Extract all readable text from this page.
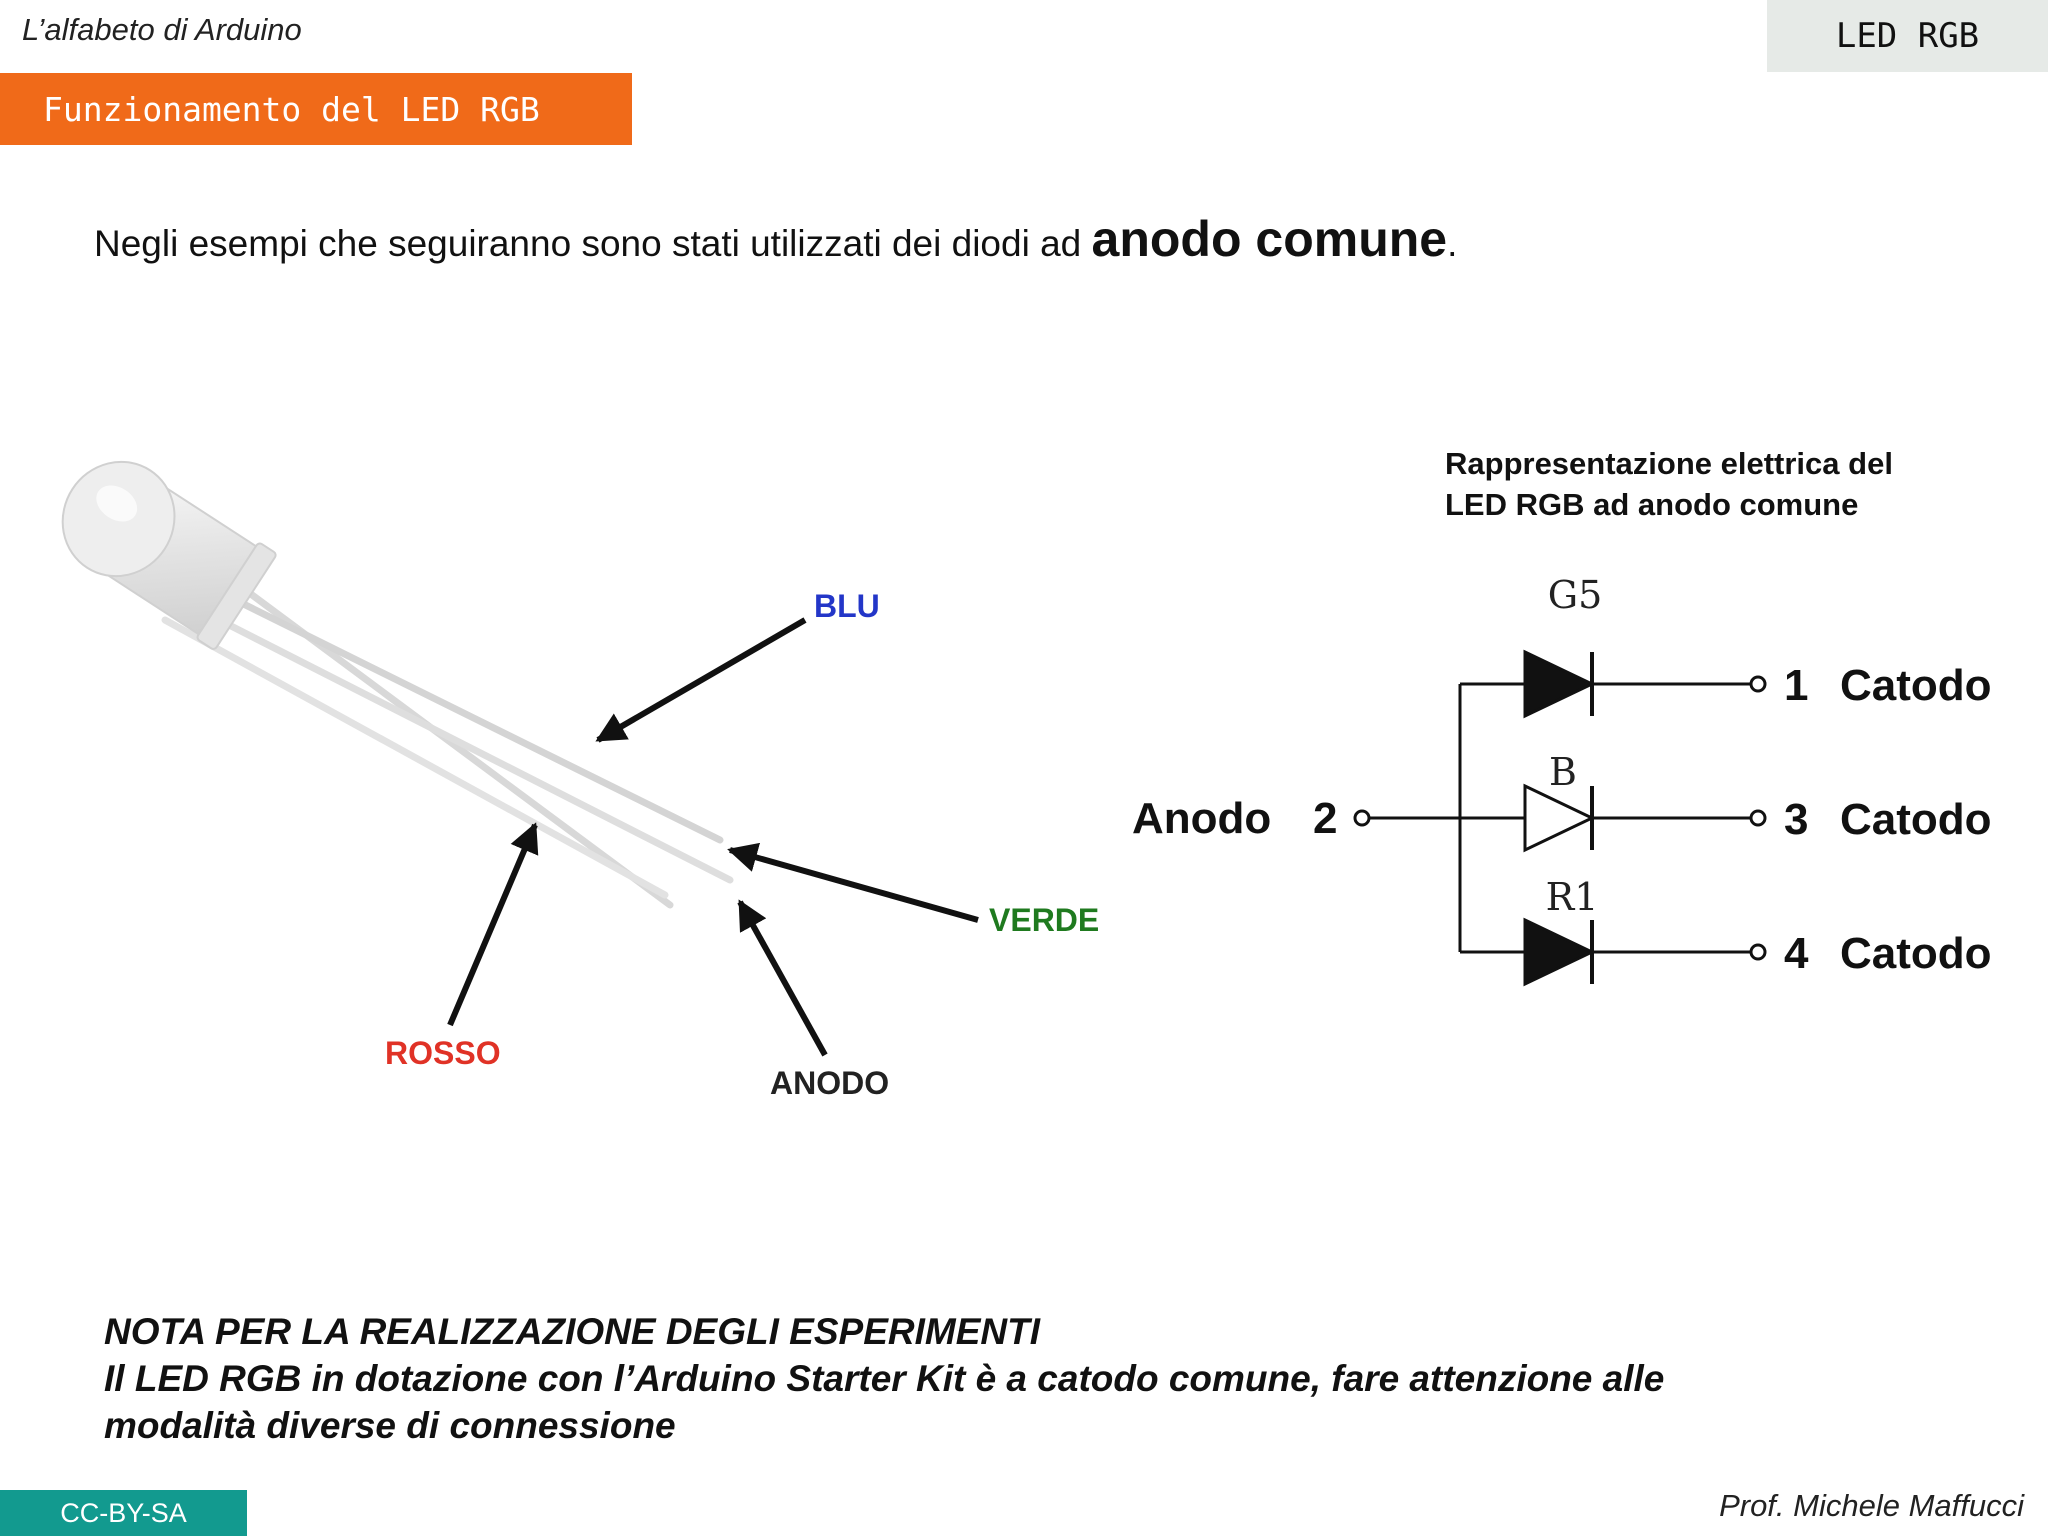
L’alfabeto di Arduino	LED RGB
Funzionamento del LED RGB
Negli esempi che seguiranno sono stati utilizzati dei diodi ad anodo comune.
BLU
VERDE
ROSSO
ANODO
Rappresentazione elettrica del
LED RGB ad anodo comune
G5
B
R1
Anodo 2
1 Catodo
3 Catodo
4 Catodo
NOTA PER LA REALIZZAZIONE DEGLI ESPERIMENTI
Il LED RGB in dotazione con l’Arduino Starter Kit è a catodo comune, fare attenzione alle
modalità diverse di connessione
CC-BY-SA	Prof. Michele Maffucci
